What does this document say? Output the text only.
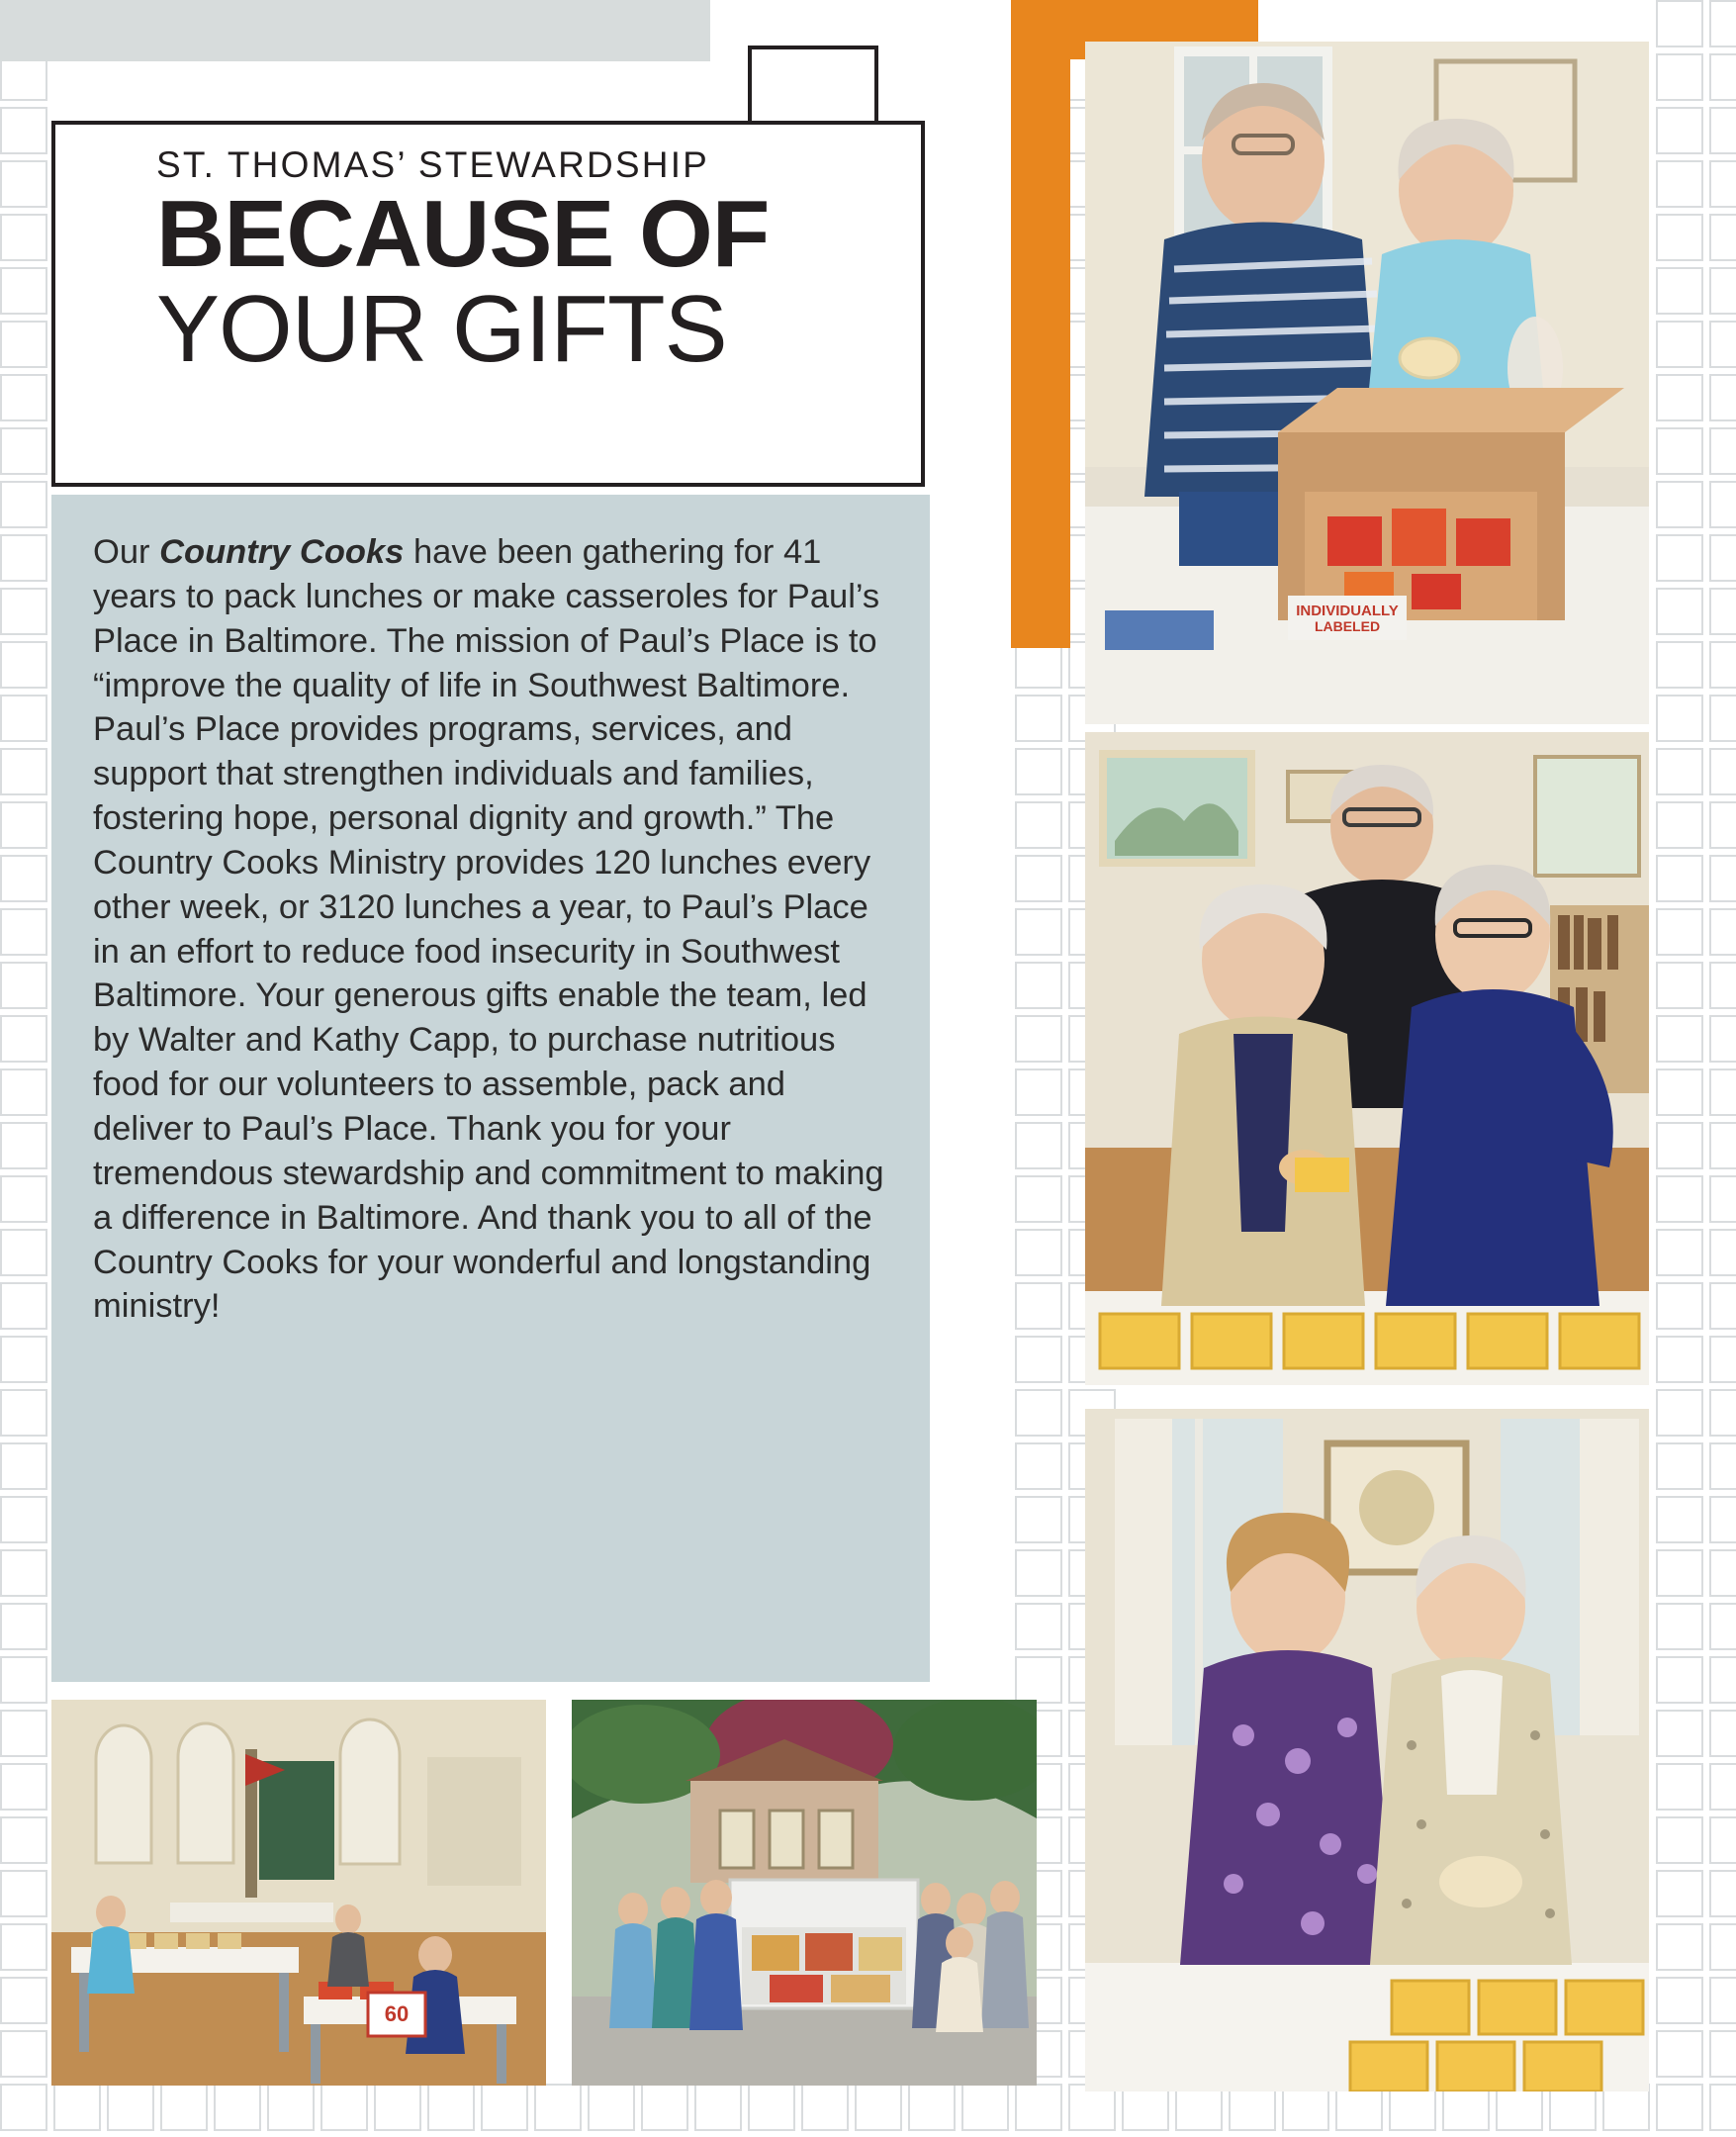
ST. THOMAS’ STEWARDSHIP
BECAUSE OF
YOUR GIFTS

Our Country Cooks have been gathering for 41 years to pack lunches or make casseroles for Paul’s Place in Baltimore. The mission of Paul’s Place is to “improve the quality of life in Southwest Baltimore. Paul’s Place provides programs, services, and support that strengthen individuals and families, fostering hope, personal dignity and growth.” The Country Cooks Ministry provides 120 lunches every other week, or 3120 lunches a year, to Paul’s Place in an effort to reduce food insecurity in Southwest Baltimore. Your generous gifts enable the team, led by Walter and Kathy Capp, to purchase nutritious food for our volunteers to assemble, pack and deliver to Paul’s Place. Thank you for your tremendous stewardship and commitment to making a difference in Baltimore. And thank you to all of the Country Cooks for your wonderful and longstanding ministry!

INDIVIDUALLY
LABELED
60
